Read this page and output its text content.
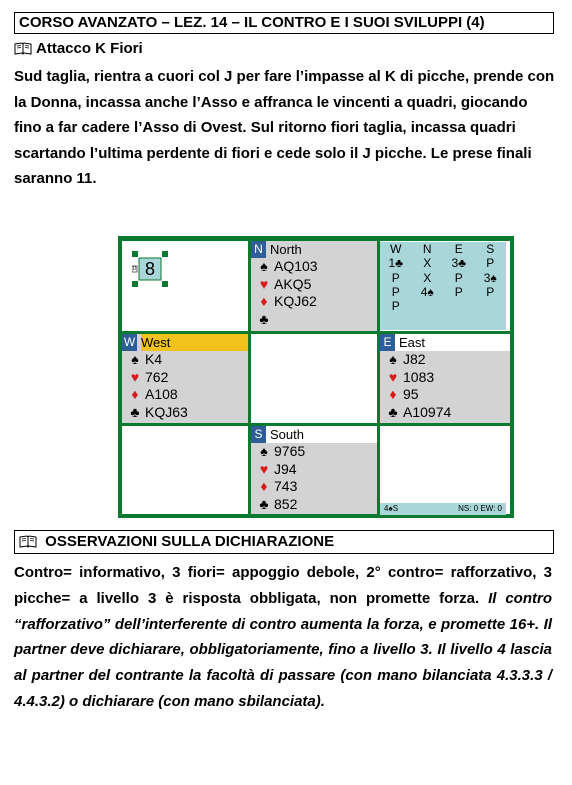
CORSO AVANZATO – LEZ. 14 – IL CONTRO E I SUOI SVILUPPI (4)
Attacco K Fiori
Sud taglia, rientra a cuori col J per fare l’impasse al K di picche, prende con la Donna, incassa anche l’Asso e affranca le vincenti a quadri, giocando fino a far cadere l’Asso di Ovest. Sul ritorno fiori taglia, incassa quadri scartando l’ultima perdente di fiori e cede solo il J picche. Le prese finali saranno 11.
8
D
N North
♠ AQ103
♥ AKQ5
♦ KQJ62
♣
W	N	E	S
1♣	X	3♣	P
P	X	P	3♠
P	4♠	P	P
P
W West
♠ K4
♥ 762
♦ A108
♣ KQJ63
E East
♠ J82
♥ 1083
♦ 95
♣ A10974
S South
♠ 9765
♥ J94
♦ 743
♣ 852	4♠S	NS: 0 EW: 0
OSSERVAZIONI SULLA DICHIARAZIONE
Contro= informativo, 3 fiori= appoggio debole, 2° contro= rafforzativo, 3 picche= a livello 3 è risposta obbligata, non promette forza. Il contro “rafforzativo” dell’interferente di contro aumenta la forza, e promette 16+. Il partner deve dichiarare, obbligatoriamente, fino a livello 3. Il livello 4 lascia al partner del contrante la facoltà di passare (con mano bilanciata 4.3.3.3 / 4.4.3.2) o dichiarare (con mano sbilanciata).
